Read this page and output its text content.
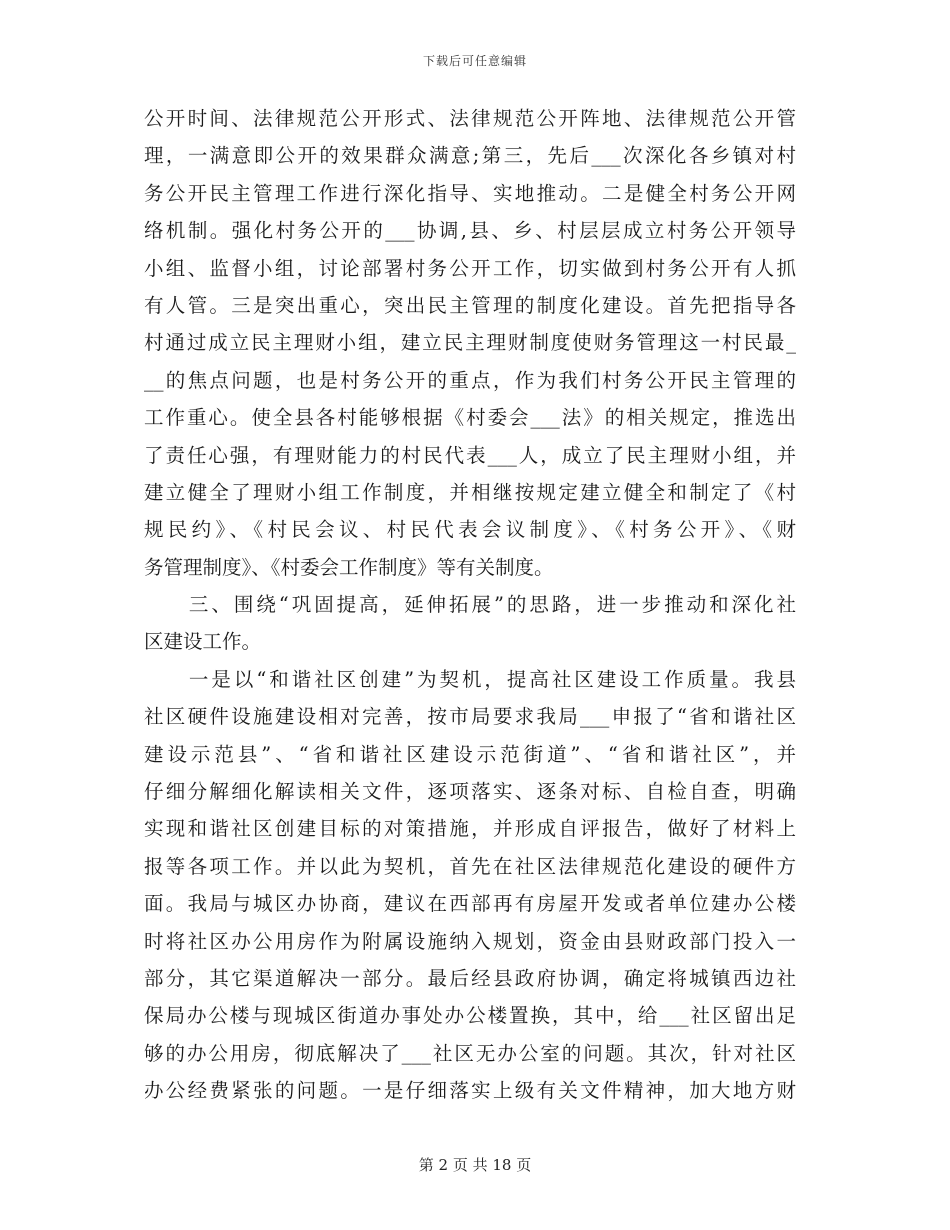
下载后可任意编辑
公开时间、法律规范公开形式、法律规范公开阵地、法律规范公开管
理，一满意即公开的效果群众满意;第三，先后___次深化各乡镇对村
务公开民主管理工作进行深化指导、实地推动。二是健全村务公开网
络机制。强化村务公开的___协调,县、乡、村层层成立村务公开领导
小组、监督小组，讨论部署村务公开工作，切实做到村务公开有人抓
有人管。三是突出重心，突出民主管理的制度化建设。首先把指导各
村通过成立民主理财小组，建立民主理财制度使财务管理这一村民最_
__的焦点问题，也是村务公开的重点，作为我们村务公开民主管理的
工作重心。使全县各村能够根据《村委会___法》的相关规定，推选出
了责任心强，有理财能力的村民代表___人，成立了民主理财小组，并
建立健全了理财小组工作制度，并相继按规定建立健全和制定了《村
规民约》、《村民会议、村民代表会议制度》、《村务公开》、《财
务管理制度》、《村委会工作制度》等有关制度。
　　三、围绕“巩固提高，延伸拓展”的思路，进一步推动和深化社
区建设工作。
　　一是以“和谐社区创建”为契机，提高社区建设工作质量。我县
社区硬件设施建设相对完善，按市局要求我局___申报了“省和谐社区
建设示范县”、“省和谐社区建设示范街道”、“省和谐社区”，并
仔细分解细化解读相关文件，逐项落实、逐条对标、自检自查，明确
实现和谐社区创建目标的对策措施，并形成自评报告，做好了材料上
报等各项工作。并以此为契机，首先在社区法律规范化建设的硬件方
面。我局与城区办协商，建议在西部再有房屋开发或者单位建办公楼
时将社区办公用房作为附属设施纳入规划，资金由县财政部门投入一
部分，其它渠道解决一部分。最后经县政府协调，确定将城镇西边社
保局办公楼与现城区街道办事处办公楼置换，其中，给___社区留出足
够的办公用房，彻底解决了___社区无办公室的问题。其次，针对社区
办公经费紧张的问题。一是仔细落实上级有关文件精神，加大地方财
第 2 页 共 18 页
